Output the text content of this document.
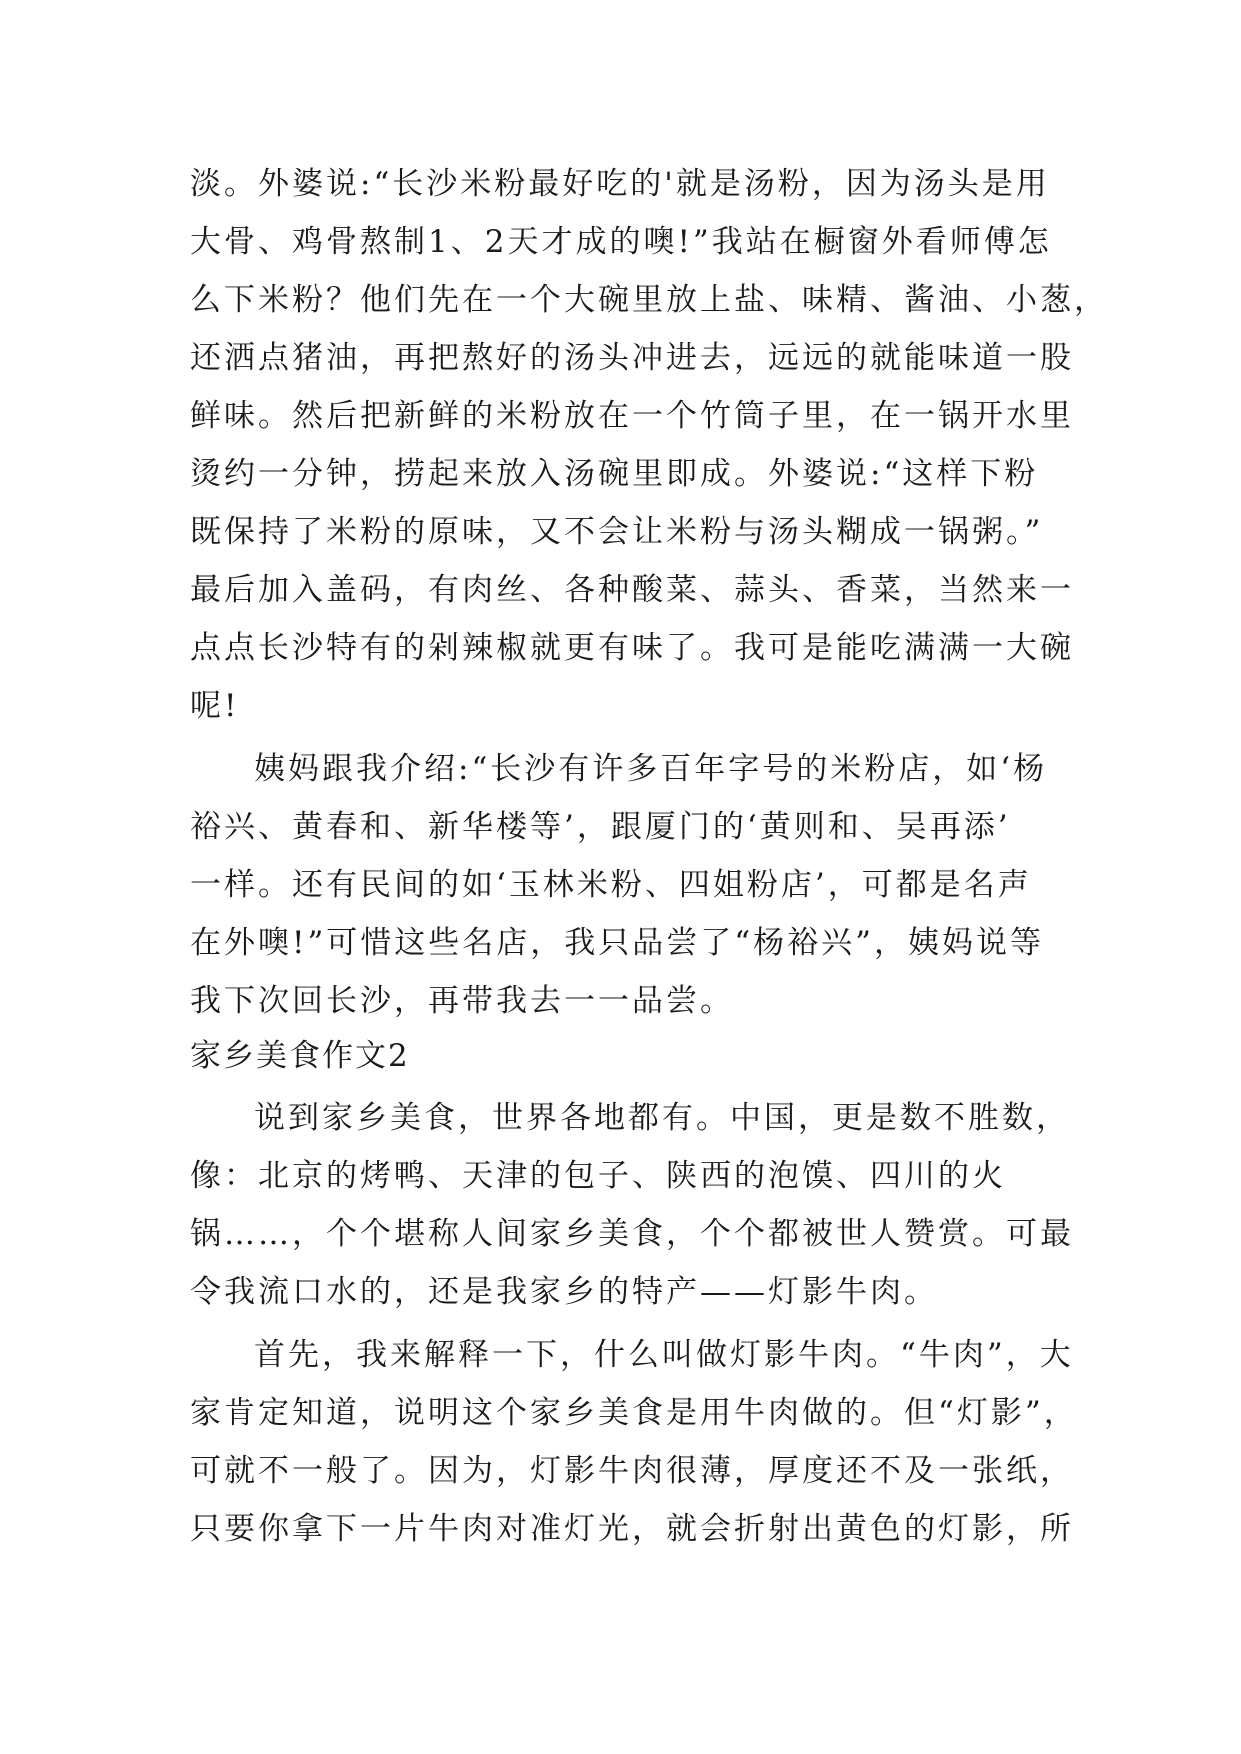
淡。外婆说:“长沙米粉最好吃的'就是汤粉，因为汤头是用
大骨、鸡骨熬制1、2天才成的噢!”我站在橱窗外看师傅怎
么下米粉？他们先在一个大碗里放上盐、味精、酱油、小葱，
还洒点猪油，再把熬好的汤头冲进去，远远的就能味道一股
鲜味。然后把新鲜的米粉放在一个竹筒子里，在一锅开水里
烫约一分钟，捞起来放入汤碗里即成。外婆说:“这样下粉
既保持了米粉的原味，又不会让米粉与汤头糊成一锅粥。”
最后加入盖码，有肉丝、各种酸菜、蒜头、香菜，当然来一
点点长沙特有的剁辣椒就更有味了。我可是能吃满满一大碗
呢!
姨妈跟我介绍:“长沙有许多百年字号的米粉店，如‘杨
裕兴、黄春和、新华楼等’，跟厦门的‘黄则和、吴再添’
一样。还有民间的如‘玉林米粉、四姐粉店’，可都是名声
在外噢!”可惜这些名店，我只品尝了“杨裕兴”，姨妈说等
我下次回长沙，再带我去一一品尝。
家乡美食作文2
说到家乡美食，世界各地都有。中国，更是数不胜数，
像：北京的烤鸭、天津的包子、陕西的泡馍、四川的火
锅……，个个堪称人间家乡美食，个个都被世人赞赏。可最
令我流口水的，还是我家乡的特产——灯影牛肉。
首先，我来解释一下，什么叫做灯影牛肉。“牛肉”，大
家肯定知道，说明这个家乡美食是用牛肉做的。但“灯影”，
可就不一般了。因为，灯影牛肉很薄，厚度还不及一张纸，
只要你拿下一片牛肉对准灯光，就会折射出黄色的灯影，所
